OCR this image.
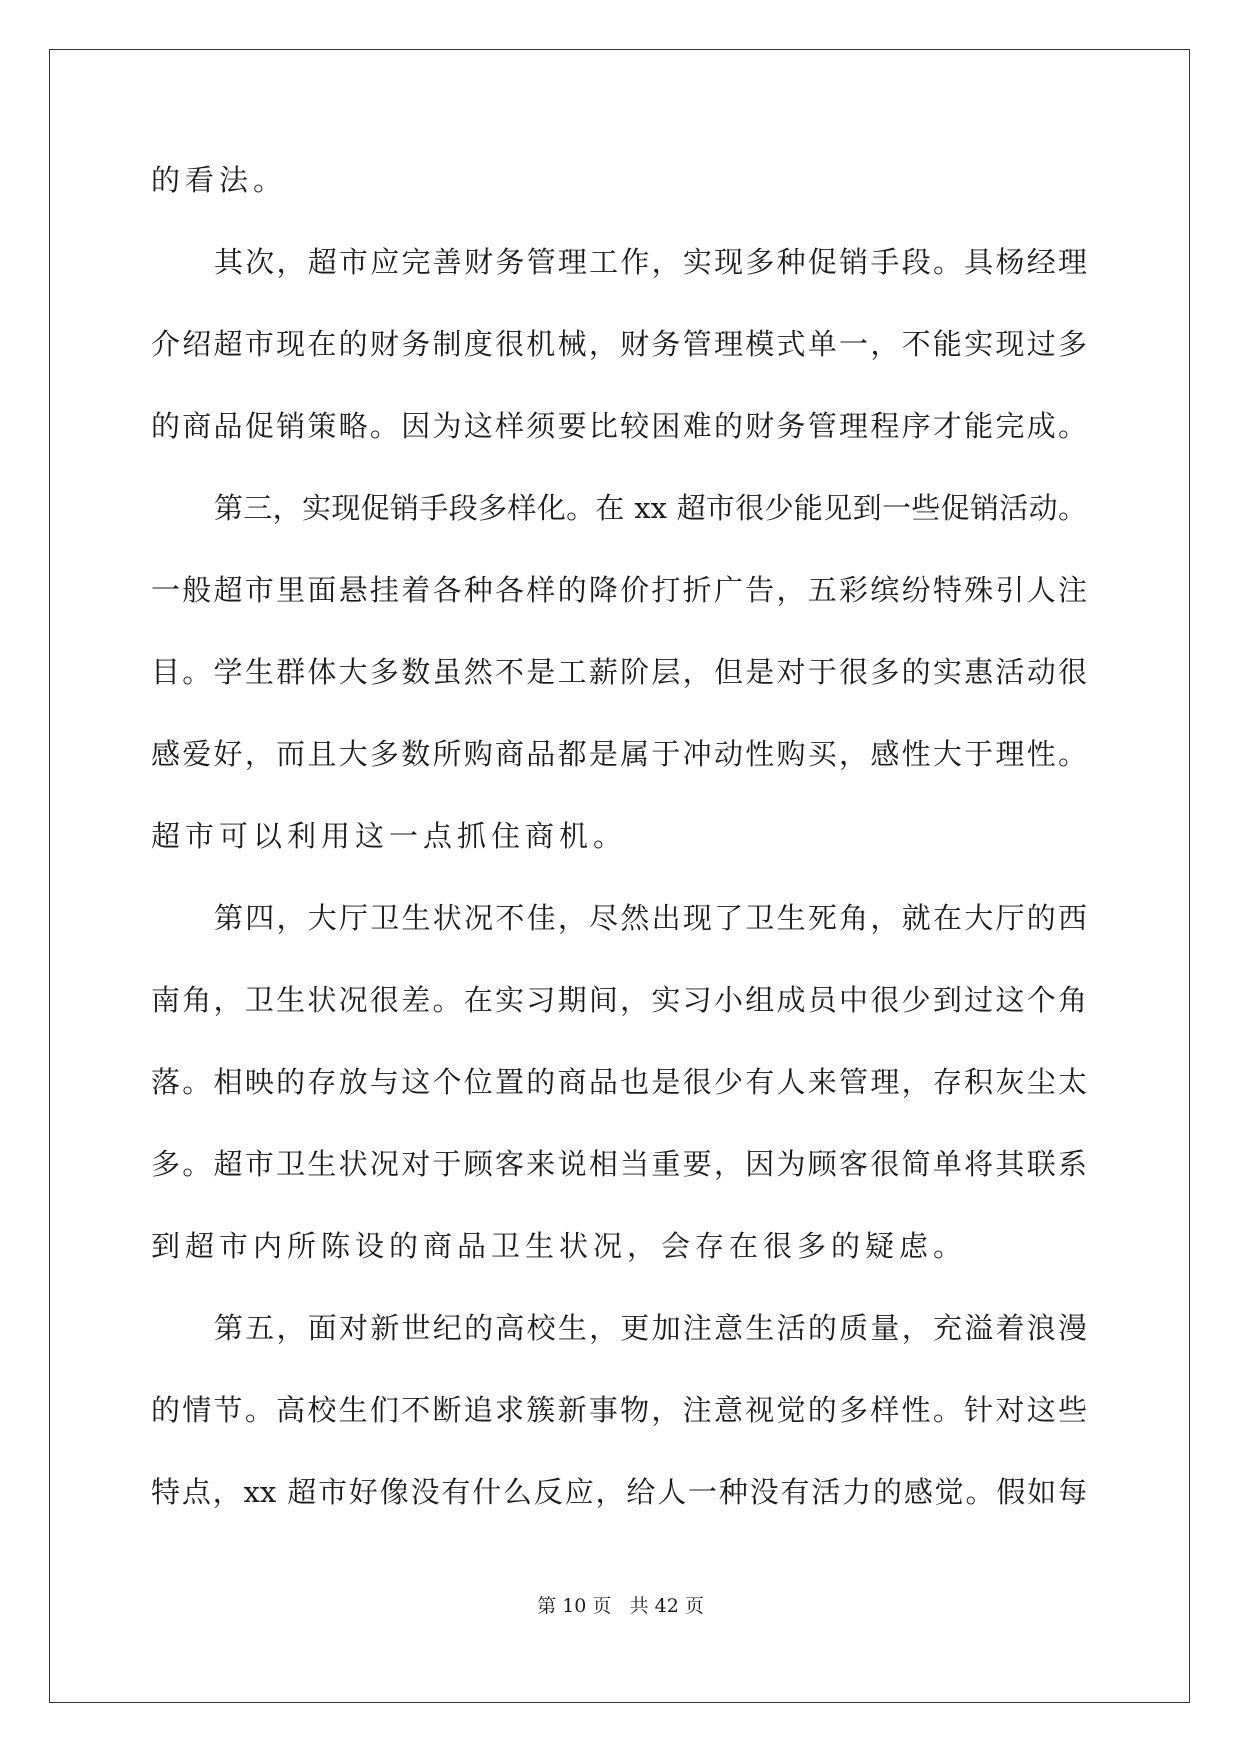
的看法。
其次，超市应完善财务管理工作，实现多种促销手段。具杨经理
介绍超市现在的财务制度很机械，财务管理模式单一，不能实现过多
的商品促销策略。因为这样须要比较困难的财务管理程序才能完成。
第三，实现促销手段多样化。在 xx 超市很少能见到一些促销活动。
一般超市里面悬挂着各种各样的降价打折广告，五彩缤纷特殊引人注
目。学生群体大多数虽然不是工薪阶层，但是对于很多的实惠活动很
感爱好，而且大多数所购商品都是属于冲动性购买，感性大于理性。
超市可以利用这一点抓住商机。
第四，大厅卫生状况不佳，尽然出现了卫生死角，就在大厅的西
南角，卫生状况很差。在实习期间，实习小组成员中很少到过这个角
落。相映的存放与这个位置的商品也是很少有人来管理，存积灰尘太
多。超市卫生状况对于顾客来说相当重要，因为顾客很简单将其联系
到超市内所陈设的商品卫生状况，会存在很多的疑虑。
第五，面对新世纪的高校生，更加注意生活的质量，充溢着浪漫
的情节。高校生们不断追求簇新事物，注意视觉的多样性。针对这些
特点，xx 超市好像没有什么反应，给人一种没有活力的感觉。假如每
第 10 页 共 42 页
